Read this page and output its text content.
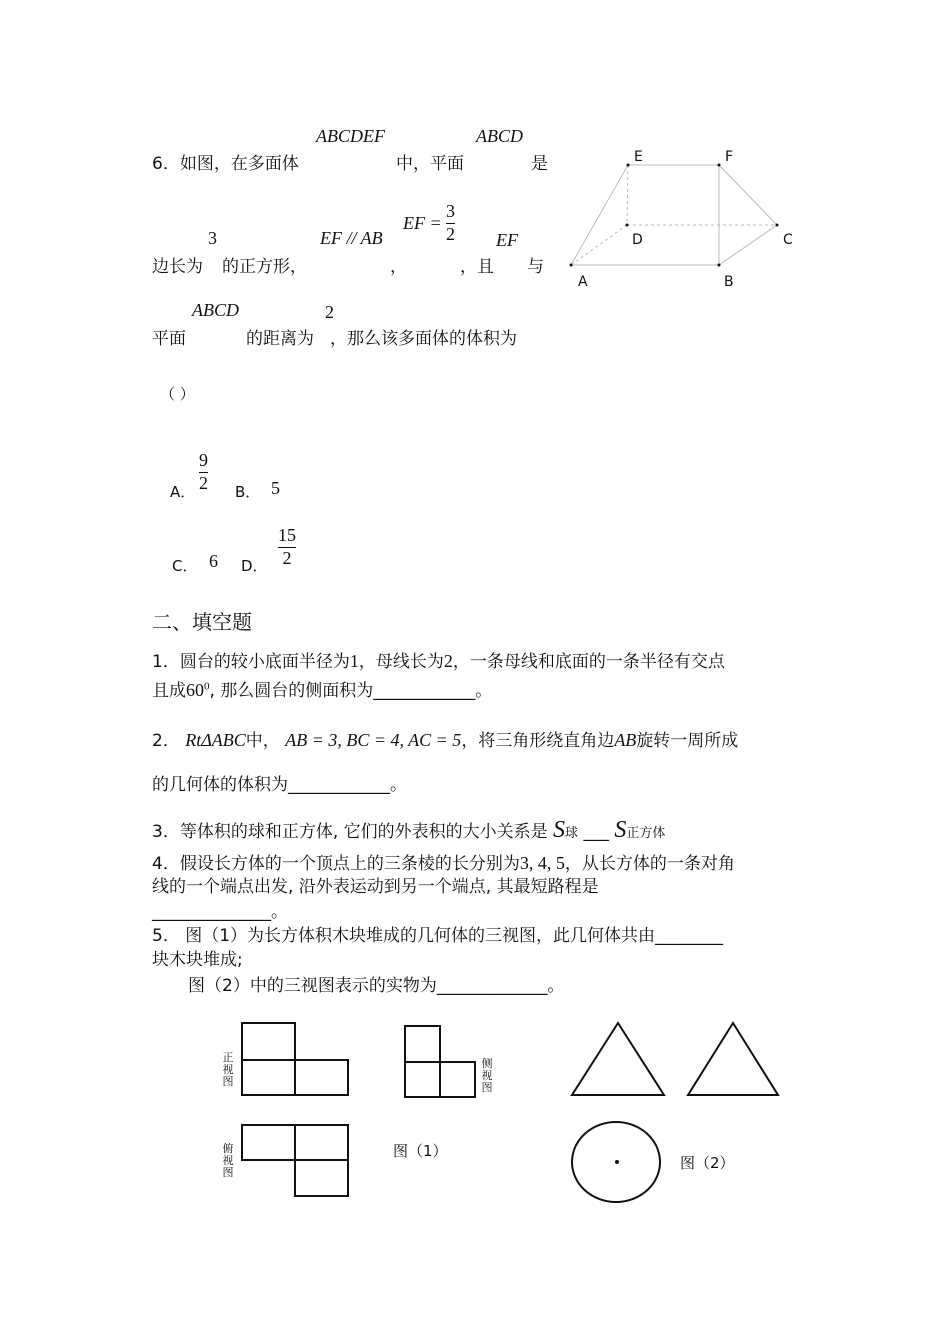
ABCDEF	ABCD
6．如图，在多面体	中，平面	是
3	EF // AB
EF =
3
2 EF
边长为 的正方形，	，	，且 与
ABCD	2
平面	的距离为 ，那么该多面体的体积为
（ ）
A．
9
2 B． 5
C． 6 D．
15
2
E	F
D	C
A	B
二、填空题
1．圆台的较小底面半径为1，母线长为2，一条母线和底面的一条半径有交点
且成$60^0$, 那么圆台的侧面积为____________。
2． RtΔABC中， AB = 3, BC = 4, AC = 5，将三角形绕直角边AB旋转一周所成
的几何体的体积为____________。
3．等体积的球和正方体, 它们的外表积的大小关系是 S球 ___ S正方体
4．假设长方体的一个顶点上的三条棱的长分别为3, 4, 5，从长方体的一条对角
线的一个端点出发, 沿外表运动到另一个端点, 其最短路程是
______________。
5． 图（1）为长方体积木块堆成的几何体的三视图，此几何体共由________
块木块堆成;
图（2）中的三视图表示的实物为_____________。
正视图
侧视图
俯视图
图（1）
图（2）
